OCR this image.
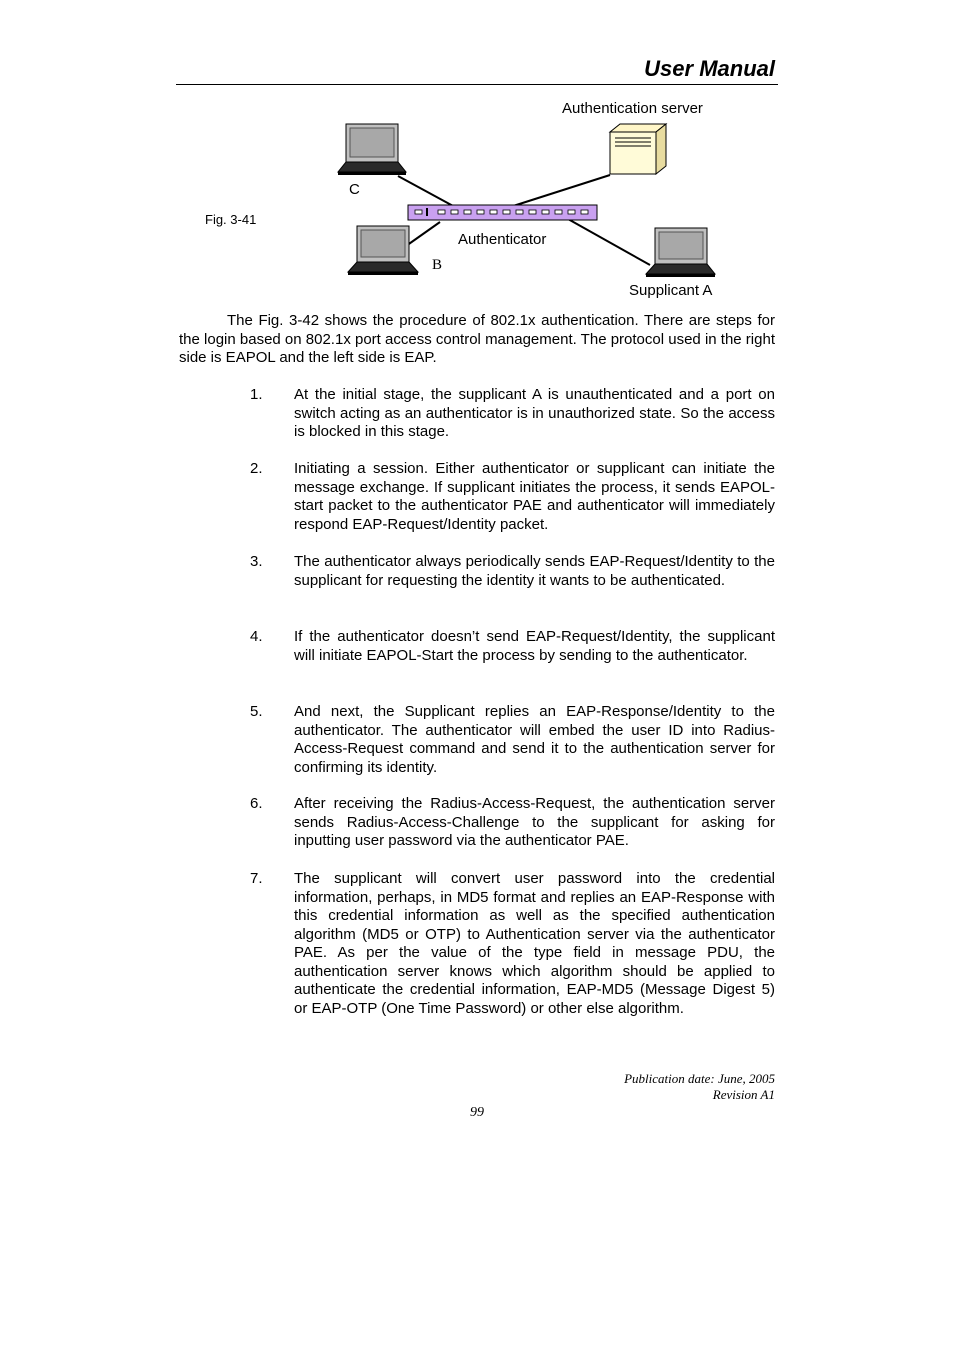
User Manual
Authentication server
C
Authenticator
B
Supplicant A
Fig. 3-41

The Fig. 3-42 shows the procedure of 802.1x authentication. There are steps for the login based on 802.1x port access control management. The protocol used in the right side is EAPOL and the left side is EAP.

1. At the initial stage, the supplicant A is unauthenticated and a port on switch acting as an authenticator is in unauthorized state. So the access is blocked in this stage.

2. Initiating a session. Either authenticator or supplicant can initiate the message exchange. If supplicant initiates the process, it sends EAPOL-start packet to the authenticator PAE and authenticator will immediately respond EAP-Request/Identity packet.

3. The authenticator always periodically sends EAP-Request/Identity to the supplicant for requesting the identity it wants to be authenticated.

4. If the authenticator doesn’t send EAP-Request/Identity, the supplicant will initiate EAPOL-Start the process by sending to the authenticator.

5. And next, the Supplicant replies an EAP-Response/Identity to the authenticator. The authenticator will embed the user ID into Radius-Access-Request command and send it to the authentication server for confirming its identity.

6. After receiving the Radius-Access-Request, the authentication server sends Radius-Access-Challenge to the supplicant for asking for inputting user password via the authenticator PAE.

7. The supplicant will convert user password into the credential information, perhaps, in MD5 format and replies an EAP-Response with this credential information as well as the specified authentication algorithm (MD5 or OTP) to Authentication server via the authenticator PAE. As per the value of the type field in message PDU, the authentication server knows which algorithm should be applied to authenticate the credential information, EAP-MD5 (Message Digest 5) or EAP-OTP (One Time Password) or other else algorithm.

Publication date: June, 2005
Revision A1
99
